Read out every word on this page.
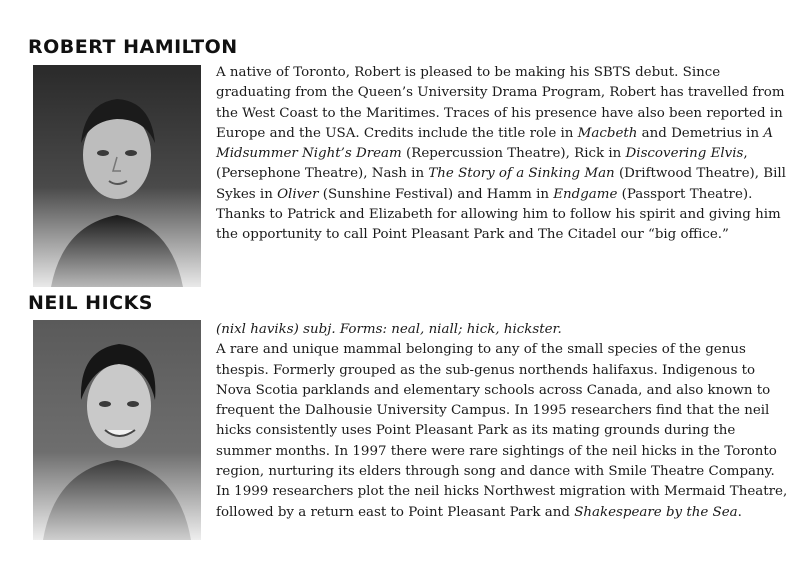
ROBERT HAMILTON

A native of Toronto, Robert is pleased to be making his SBTS debut. Since graduating from the Queen’s University Drama Program, Robert has travelled from the West Coast to the Maritimes. Traces of his presence have also been reported in Europe and the USA. Credits include the title role in Macbeth and Demetrius in A Midsummer Night’s Dream (Repercussion Theatre), Rick in Discovering Elvis, (Persephone Theatre), Nash in The Story of a Sinking Man (Driftwood Theatre), Bill Sykes in Oliver (Sunshine Festival) and Hamm in Endgame (Passport Theatre). Thanks to Patrick and Elizabeth for allowing him to follow his spirit and giving him the opportunity to call Point Pleasant Park and The Citadel our “big office.”

NEIL HICKS
(nixl haviks) subj. Forms: neal, niall; hick, hickster.
A rare and unique mammal belonging to any of the small species of the genus thespis. Formerly grouped as the sub-genus northends halifaxus. Indigenous to Nova Scotia parklands and elementary schools across Canada, and also known to frequent the Dalhousie University Campus. In 1995 researchers find that the neil hicks consistently uses Point Pleasant Park as its mating grounds during the summer months. In 1997 there were rare sightings of the neil hicks in the Toronto region, nurturing its elders through song and dance with Smile Theatre Company. In 1999 researchers plot the neil hicks Northwest migration with Mermaid Theatre, followed by a return east to Point Pleasant Park and Shakespeare by the Sea.
